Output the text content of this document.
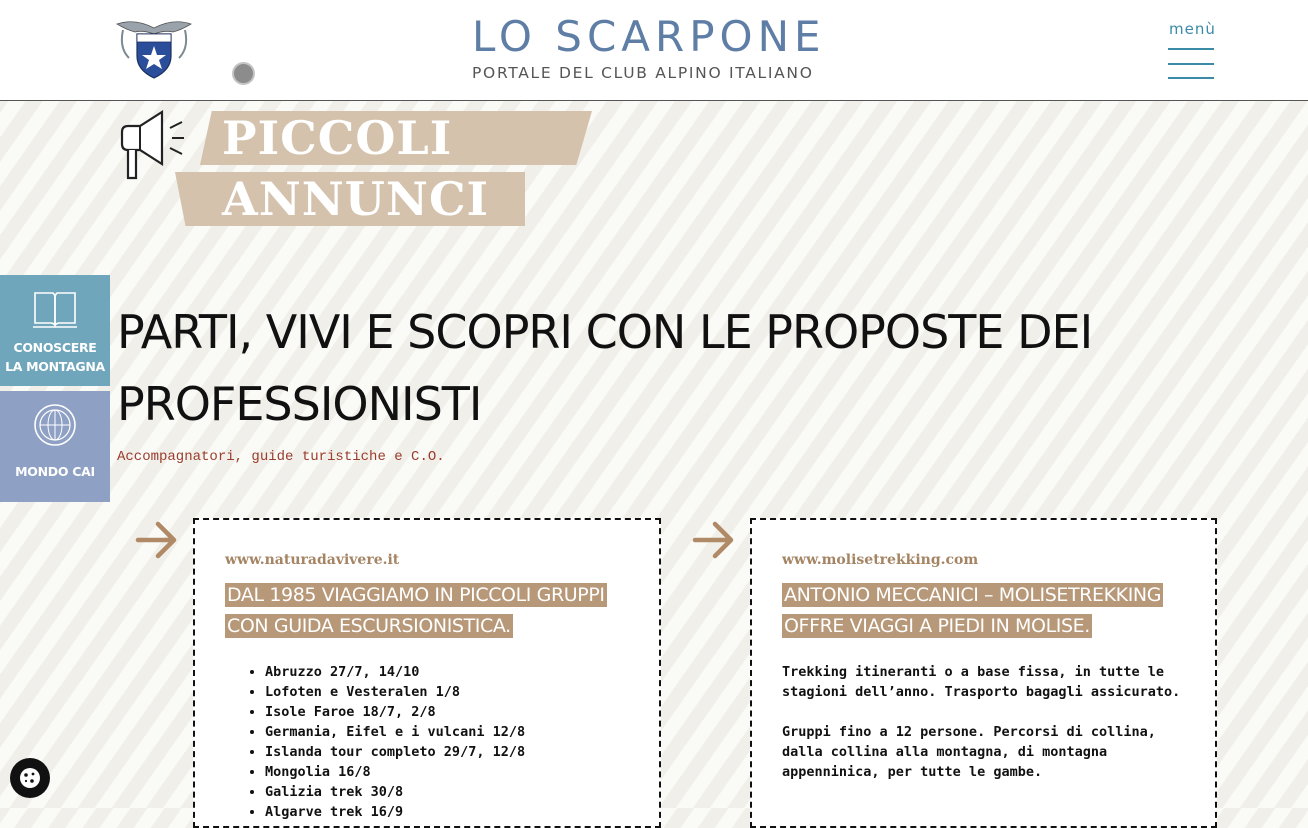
LO SCARPONE
PORTALE DEL CLUB ALPINO ITALIANO
menù
PICCOLI
ANNUNCI
CONOSCERE
LA MONTAGNA
MONDO CAI
PARTI, VIVI E SCOPRI CON LE PROPOSTE DEI PROFESSIONISTI
Accompagnatori, guide turistiche e C.O.
www.naturadavivere.it
DAL 1985 VIAGGIAMO IN PICCOLI GRUPPI CON GUIDA ESCURSIONISTICA.
• Abruzzo 27/7, 14/10
• Lofoten e Vesteralen 1/8
• Isole Faroe 18/7, 2/8
• Germania, Eifel e i vulcani 12/8
• Islanda tour completo 29/7, 12/8
• Mongolia 16/8
• Galizia trek 30/8
• Algarve trek 16/9
www.molisetrekking.com
ANTONIO MECCANICI – MOLISETREKKING OFFRE VIAGGI A PIEDI IN MOLISE.

Trekking itineranti o a base fissa, in tutte le stagioni dell’anno. Trasporto bagagli assicurato.

Gruppi fino a 12 persone. Percorsi di collina, dalla collina alla montagna, di montagna appenninica, per tutte le gambe.
